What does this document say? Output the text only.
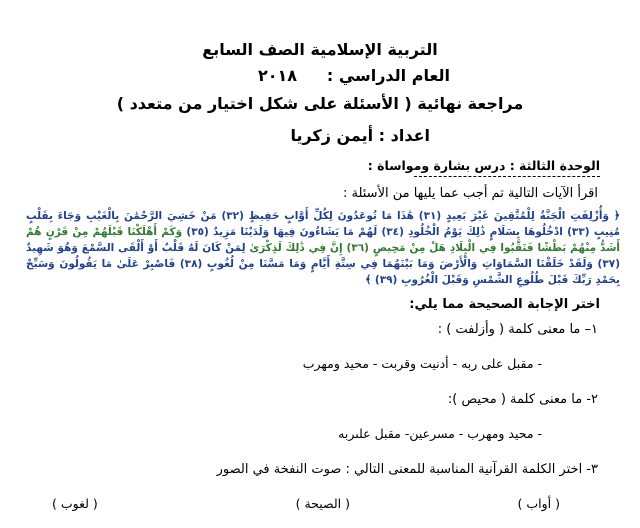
التربية الإسلامية الصف السابع
العام الدراسي :
٢٠١٨
مراجعة نهائية ( الأسئلة على شكل اختيار من متعدد )
اعداد : أيمن زكريا
الوحدة الثالثة : درس بشارة ومواساة :
اقرأ الآيات التالية تم أجب عما يليها من الأسئلة :
﴿ وَأُزْلِفَتِ الْجَنَّةُ لِلْمُتَّقِينَ غَيْرَ بَعِيدٍ (٣١) هَٰذَا مَا تُوعَدُونَ لِكُلِّ أَوَّابٍ حَفِيظٍ (٣٢) مَنْ خَشِيَ الرَّحْمَٰنَ بِالْغَيْبِ وَجَاءَ بِقَلْبٍ مُنِيبٍ (٣٣) ادْخُلُوهَا بِسَلَامٍ ذَٰلِكَ يَوْمُ الْخُلُودِ (٣٤) لَهُمْ مَا يَشَاءُونَ فِيهَا وَلَدَيْنَا مَزِيدٌ (٣٥) وَكَمْ أَهْلَكْنَا قَبْلَهُمْ مِنْ قَرْنٍ هُمْ أَشَدُّ مِنْهُمْ بَطْشًا فَنَقَّبُوا فِي الْبِلَادِ هَلْ مِنْ مَحِيصٍ (٣٦) إِنَّ فِي ذَٰلِكَ لَذِكْرَىٰ لِمَنْ كَانَ لَهُ قَلْبٌ أَوْ أَلْقَى السَّمْعَ وَهُوَ شَهِيدٌ (٣٧) وَلَقَدْ خَلَقْنَا السَّمَاوَاتِ وَالْأَرْضَ وَمَا بَيْنَهُمَا فِي سِتَّةِ أَيَّامٍ وَمَا مَسَّنَا مِنْ لُغُوبٍ (٣٨) فَاصْبِرْ عَلَىٰ مَا يَقُولُونَ وَسَبِّحْ بِحَمْدِ رَبِّكَ قَبْلَ طُلُوعِ الشَّمْسِ وَقَبْلَ الْغُرُوبِ (٣٩) ﴾
اختر الإجابة الصحيحة مما يلي:
١– ما معنى كلمة ( وأزلفت ) :
- مقبل على ربه - أدنيت وقربت - محيد ومهرب
٢- ما معنى كلمة ( محيص ):
- محيد ومهرب - مسرعين- مقبل علىربه
٣- اختر الكلمة القرآنية المناسبة للمعنى التالي : صوت النفخة في الصور
( أواب )
( الصيحة )
( لغوب )
